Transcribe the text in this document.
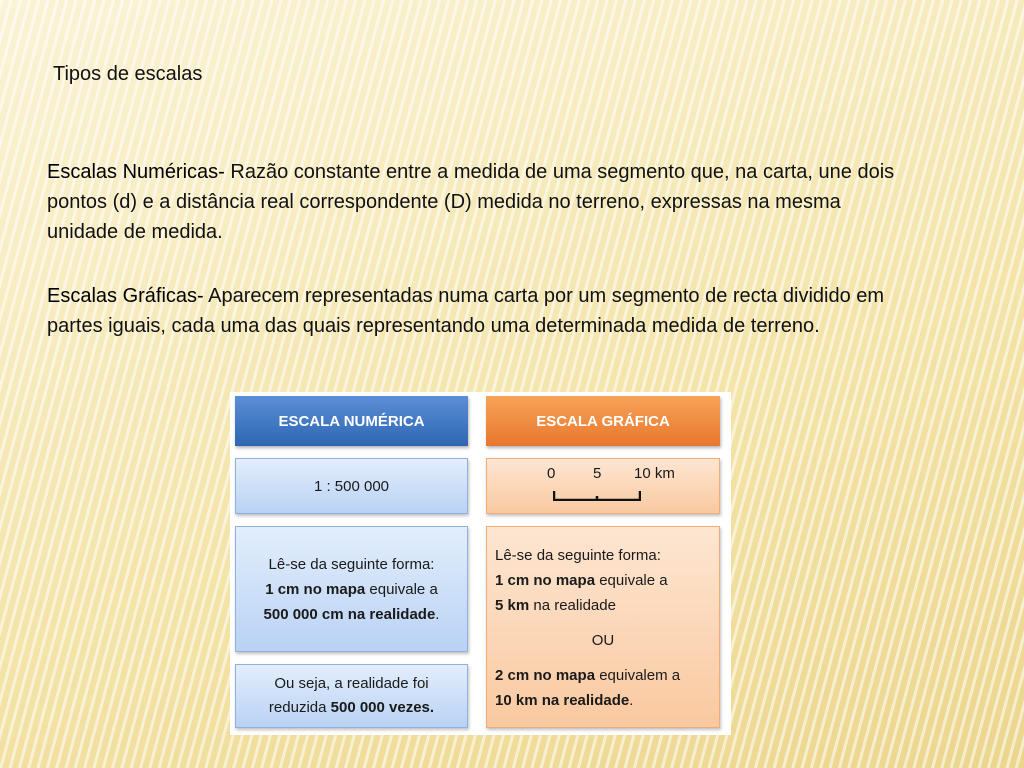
Tipos de escalas
Escalas Numéricas- Razão constante entre a medida de uma segmento que, na carta, une dois pontos (d) e a distância real correspondente (D) medida no terreno, expressas na mesma unidade de medida.
Escalas Gráficas- Aparecem representadas numa carta por um segmento de recta dividido em partes iguais, cada uma das quais representando uma determinada medida de terreno.
ESCALA NUMÉRICA	ESCALA GRÁFICA
1 : 500 000
Lê-se da seguinte forma:
1 cm no mapa equivale a
500 000 cm na realidade.
Ou seja, a realidade foi
reduzida 500 000 vezes.
0	5 10 km
Lê-se da seguinte forma:
1 cm no mapa equivale a
5 km na realidade
OU
2 cm no mapa equivalem a
10 km na realidade.
